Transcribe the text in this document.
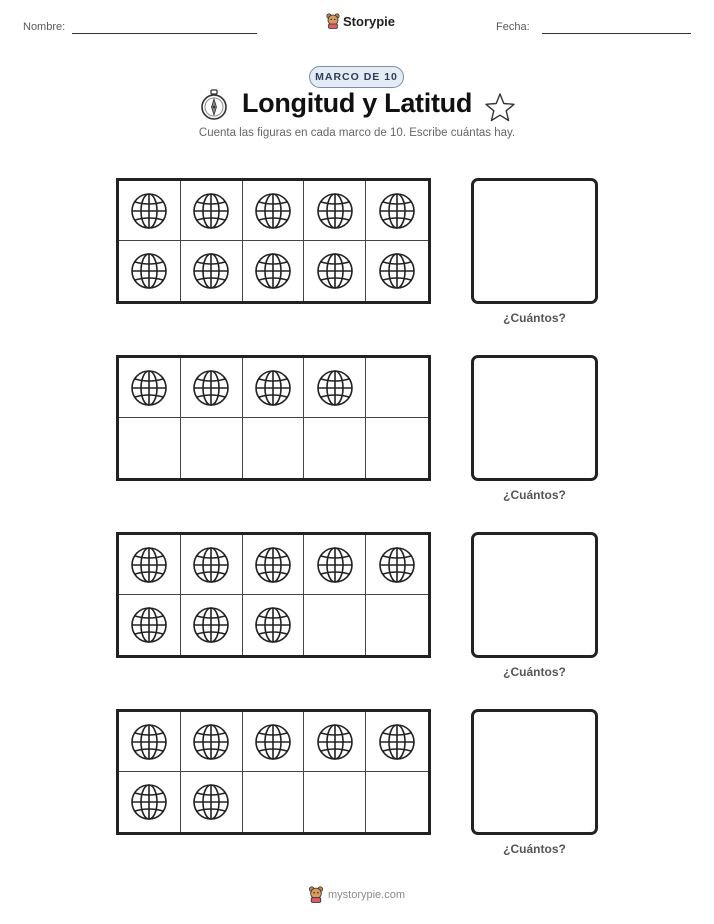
Nombre:	Storypie	Fecha:
MARCO DE 10
Longitud y Latitud
Cuenta las figuras en cada marco de 10. Escribe cuántas hay.
¿Cuántos?
¿Cuántos?
¿Cuántos?
¿Cuántos?
mystorypie.com
